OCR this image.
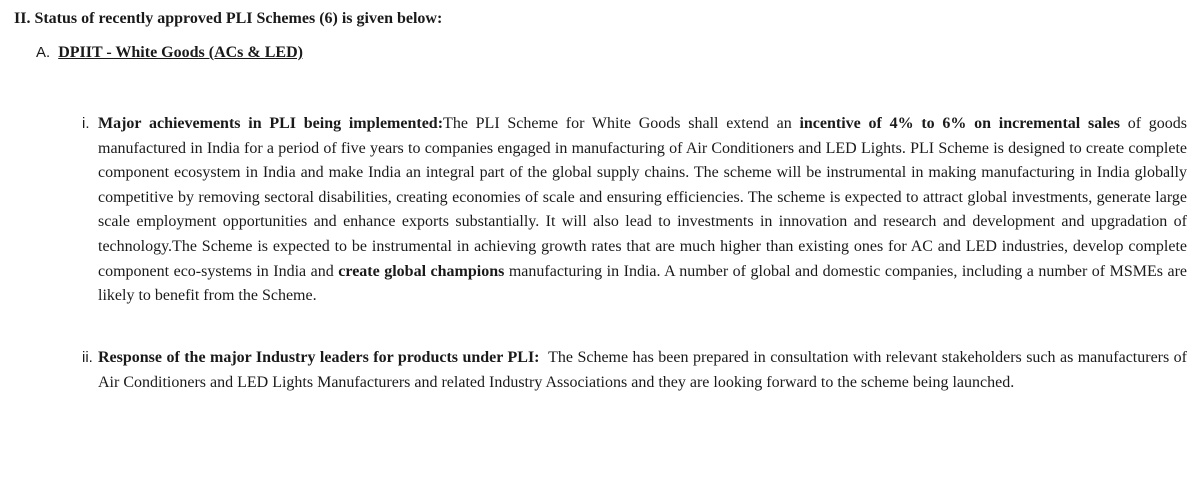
II. Status of recently approved PLI Schemes (6) is given below:
A. DPIIT - White Goods (ACs & LED)
i. Major achievements in PLI being implemented:The PLI Scheme for White Goods shall extend an incentive of 4% to 6% on incremental sales of goods manufactured in India for a period of five years to companies engaged in manufacturing of Air Conditioners and LED Lights. PLI Scheme is designed to create complete component ecosystem in India and make India an integral part of the global supply chains. The scheme will be instrumental in making manufacturing in India globally competitive by removing sectoral disabilities, creating economies of scale and ensuring efficiencies. The scheme is expected to attract global investments, generate large scale employment opportunities and enhance exports substantially. It will also lead to investments in innovation and research and development and upgradation of technology.The Scheme is expected to be instrumental in achieving growth rates that are much higher than existing ones for AC and LED industries, develop complete component eco-systems in India and create global champions manufacturing in India. A number of global and domestic companies, including a number of MSMEs are likely to benefit from the Scheme.
ii. Response of the major Industry leaders for products under PLI: The Scheme has been prepared in consultation with relevant stakeholders such as manufacturers of Air Conditioners and LED Lights Manufacturers and related Industry Associations and they are looking forward to the scheme being launched.
